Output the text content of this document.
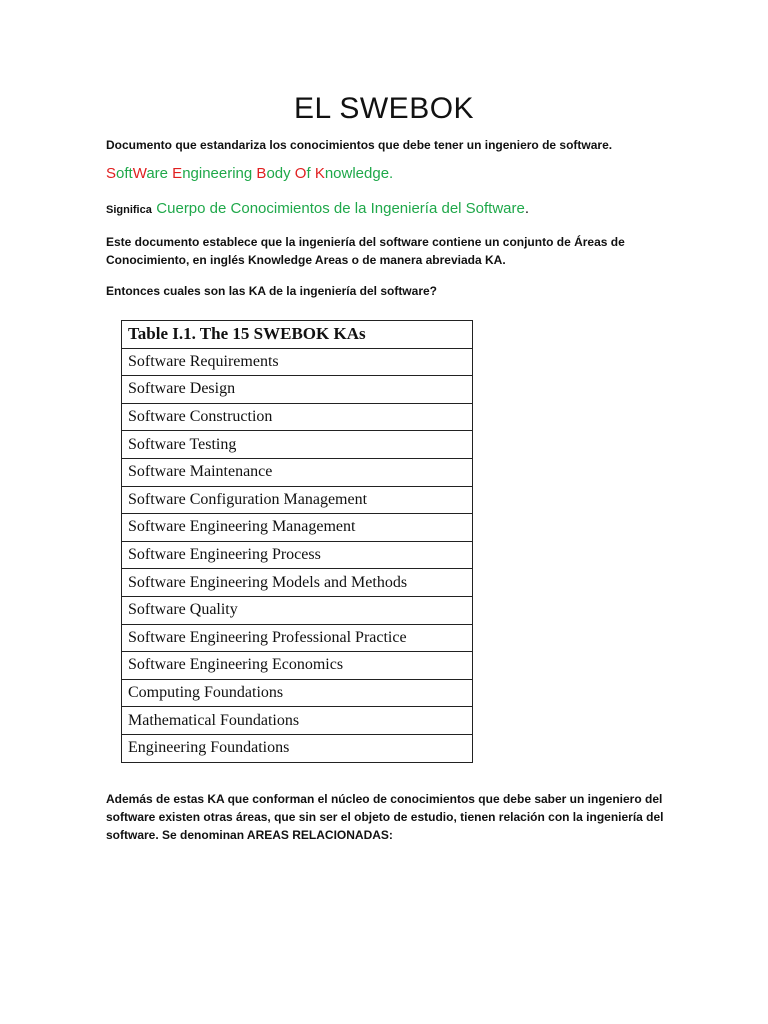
EL SWEBOK
Documento que estandariza los conocimientos que debe tener un ingeniero de software.
SoftWare Engineering Body Of Knowledge.
Significa Cuerpo de Conocimientos de la Ingeniería del Software.
Este documento establece que la ingeniería del software contiene un conjunto de Áreas de Conocimiento, en inglés Knowledge Areas o de manera abreviada KA.
Entonces cuales son las KA de la ingeniería del software?
Table I.1. The 15 SWEBOK KAs
Software Requirements
Software Design
Software Construction
Software Testing
Software Maintenance
Software Configuration Management
Software Engineering Management
Software Engineering Process
Software Engineering Models and Methods
Software Quality
Software Engineering Professional Practice
Software Engineering Economics
Computing Foundations
Mathematical Foundations
Engineering Foundations
Además de estas KA que conforman el núcleo de conocimientos que debe saber un ingeniero del software existen otras áreas, que sin ser el objeto de estudio, tienen relación con la ingeniería del software. Se denominan AREAS RELACIONADAS:
